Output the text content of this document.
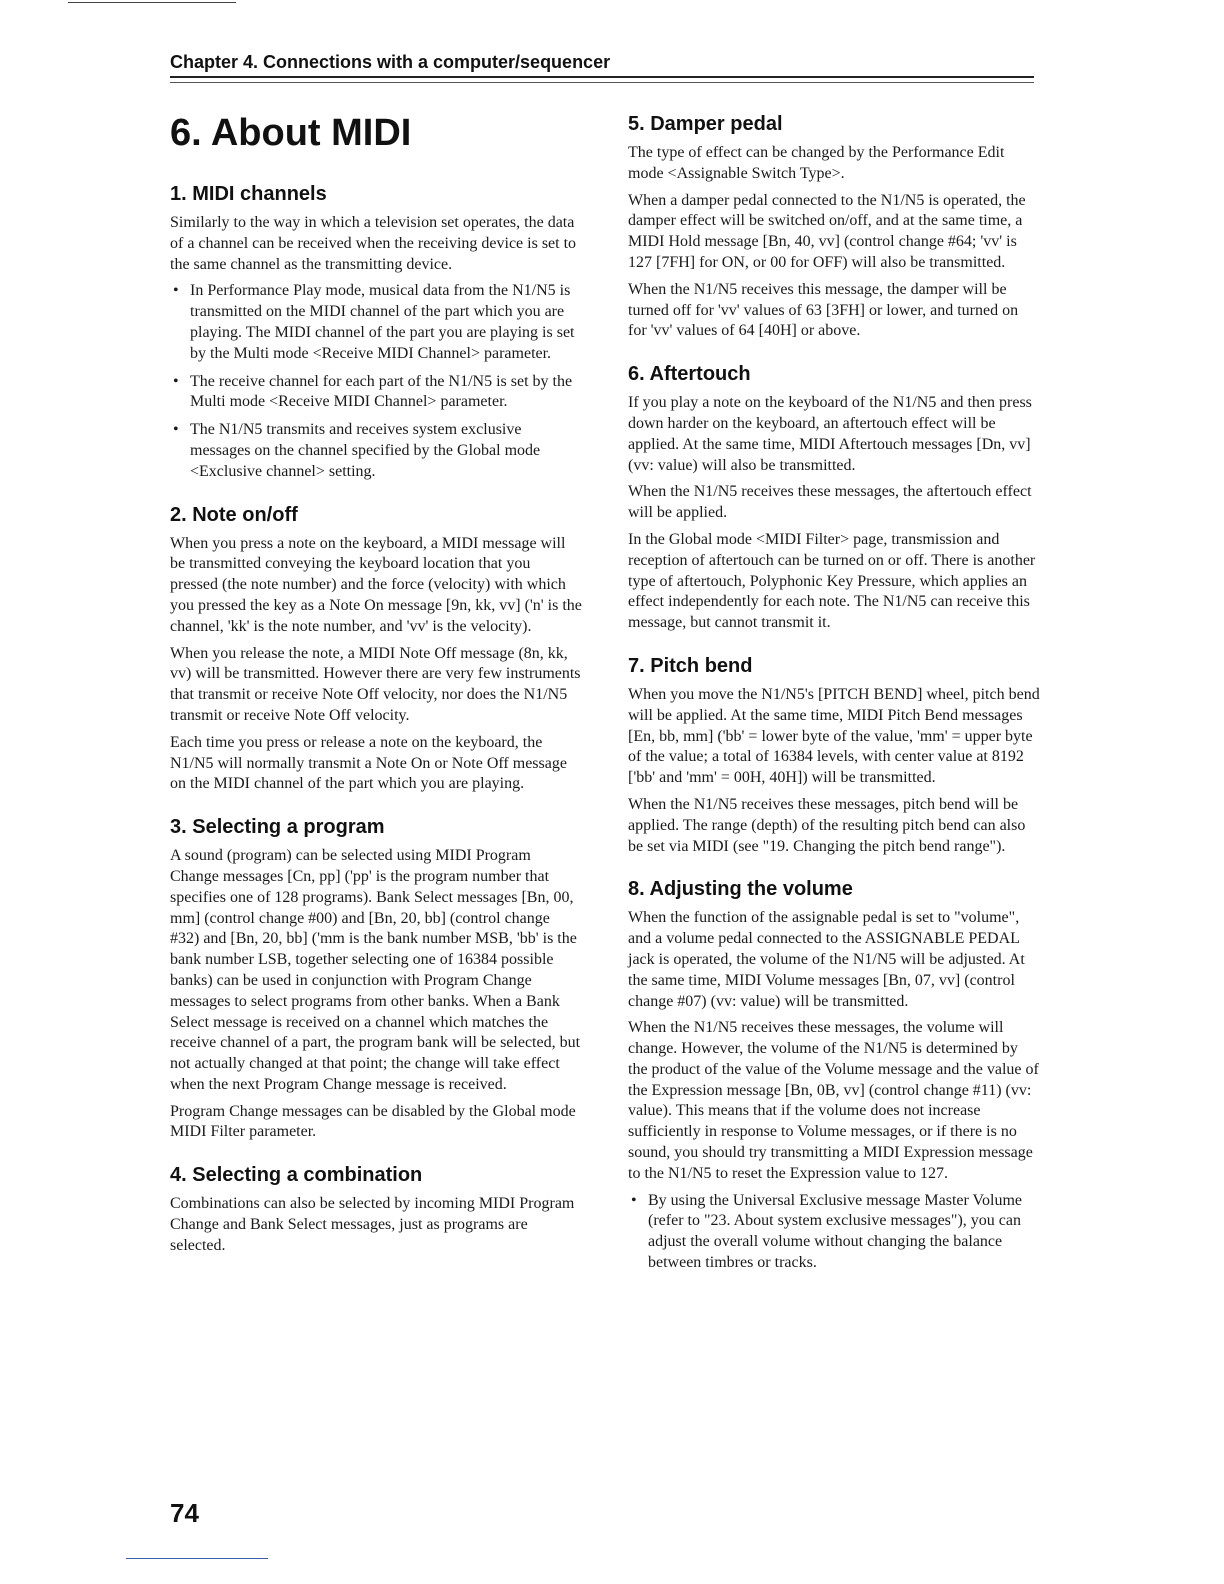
Chapter 4. Connections with a computer/sequencer
6. About MIDI
1. MIDI channels

Similarly to the way in which a television set operates, the data of a channel can be received when the receiving device is set to the same channel as the transmitting device.

• In Performance Play mode, musical data from the N1/N5 is transmitted on the MIDI channel of the part which you are playing. The MIDI channel of the part you are playing is set by the Multi mode <Receive MIDI Channel> parameter.
• The receive channel for each part of the N1/N5 is set by the Multi mode <Receive MIDI Channel> parameter.
• The N1/N5 transmits and receives system exclusive messages on the channel specified by the Global mode <Exclusive channel> setting.
2. Note on/off

When you press a note on the keyboard, a MIDI message will be transmitted conveying the keyboard location that you pressed (the note number) and the force (velocity) with which you pressed the key as a Note On message [9n, kk, vv] ('n' is the channel, 'kk' is the note number, and 'vv' is the velocity).

When you release the note, a MIDI Note Off message (8n, kk, vv) will be transmitted. However there are very few instruments that transmit or receive Note Off velocity, nor does the N1/N5 transmit or receive Note Off velocity.

Each time you press or release a note on the keyboard, the N1/N5 will normally transmit a Note On or Note Off message on the MIDI channel of the part which you are playing.

3. Selecting a program

A sound (program) can be selected using MIDI Program Change messages [Cn, pp] ('pp' is the program number that specifies one of 128 programs). Bank Select messages [Bn, 00, mm] (control change #00) and [Bn, 20, bb] (control change #32) and [Bn, 20, bb] ('mm is the bank number MSB, 'bb' is the bank number LSB, together selecting one of 16384 possible banks) can be used in conjunction with Program Change messages to select programs from other banks. When a Bank Select message is received on a channel which matches the receive channel of a part, the program bank will be selected, but not actually changed at that point; the change will take effect when the next Program Change message is received.

Program Change messages can be disabled by the Global mode MIDI Filter parameter.

4. Selecting a combination

Combinations can also be selected by incoming MIDI Program Change and Bank Select messages, just as programs are selected.

5. Damper pedal

The type of effect can be changed by the Performance Edit mode <Assignable Switch Type>.

When a damper pedal connected to the N1/N5 is operated, the damper effect will be switched on/off, and at the same time, a MIDI Hold message [Bn, 40, vv] (control change #64; 'vv' is 127 [7FH] for ON, or 00 for OFF) will also be transmitted.

When the N1/N5 receives this message, the damper will be turned off for 'vv' values of 63 [3FH] or lower, and turned on for 'vv' values of 64 [40H] or above.

6. Aftertouch

If you play a note on the keyboard of the N1/N5 and then press down harder on the keyboard, an aftertouch effect will be applied. At the same time, MIDI Aftertouch messages [Dn, vv] (vv: value) will also be transmitted.

When the N1/N5 receives these messages, the aftertouch effect will be applied.

In the Global mode <MIDI Filter> page, transmission and reception of aftertouch can be turned on or off. There is another type of aftertouch, Polyphonic Key Pressure, which applies an effect independently for each note. The N1/N5 can receive this message, but cannot transmit it.

7. Pitch bend

When you move the N1/N5's [PITCH BEND] wheel, pitch bend will be applied. At the same time, MIDI Pitch Bend messages [En, bb, mm] ('bb' = lower byte of the value, 'mm' = upper byte of the value; a total of 16384 levels, with center value at 8192 ['bb' and 'mm' = 00H, 40H]) will be transmitted.

When the N1/N5 receives these messages, pitch bend will be applied. The range (depth) of the resulting pitch bend can also be set via MIDI (see "19. Changing the pitch bend range").

8. Adjusting the volume

When the function of the assignable pedal is set to "volume", and a volume pedal connected to the ASSIGNABLE PEDAL jack is operated, the volume of the N1/N5 will be adjusted. At the same time, MIDI Volume messages [Bn, 07, vv] (control change #07) (vv: value) will be transmitted.

When the N1/N5 receives these messages, the volume will change. However, the volume of the N1/N5 is determined by the product of the value of the Volume message and the value of the Expression message [Bn, 0B, vv] (control change #11) (vv: value). This means that if the volume does not increase sufficiently in response to Volume messages, or if there is no sound, you should try transmitting a MIDI Expression message to the N1/N5 to reset the Expression value to 127.

• By using the Universal Exclusive message Master Volume (refer to "23. About system exclusive messages"), you can adjust the overall volume without changing the balance between timbres or tracks.
74
